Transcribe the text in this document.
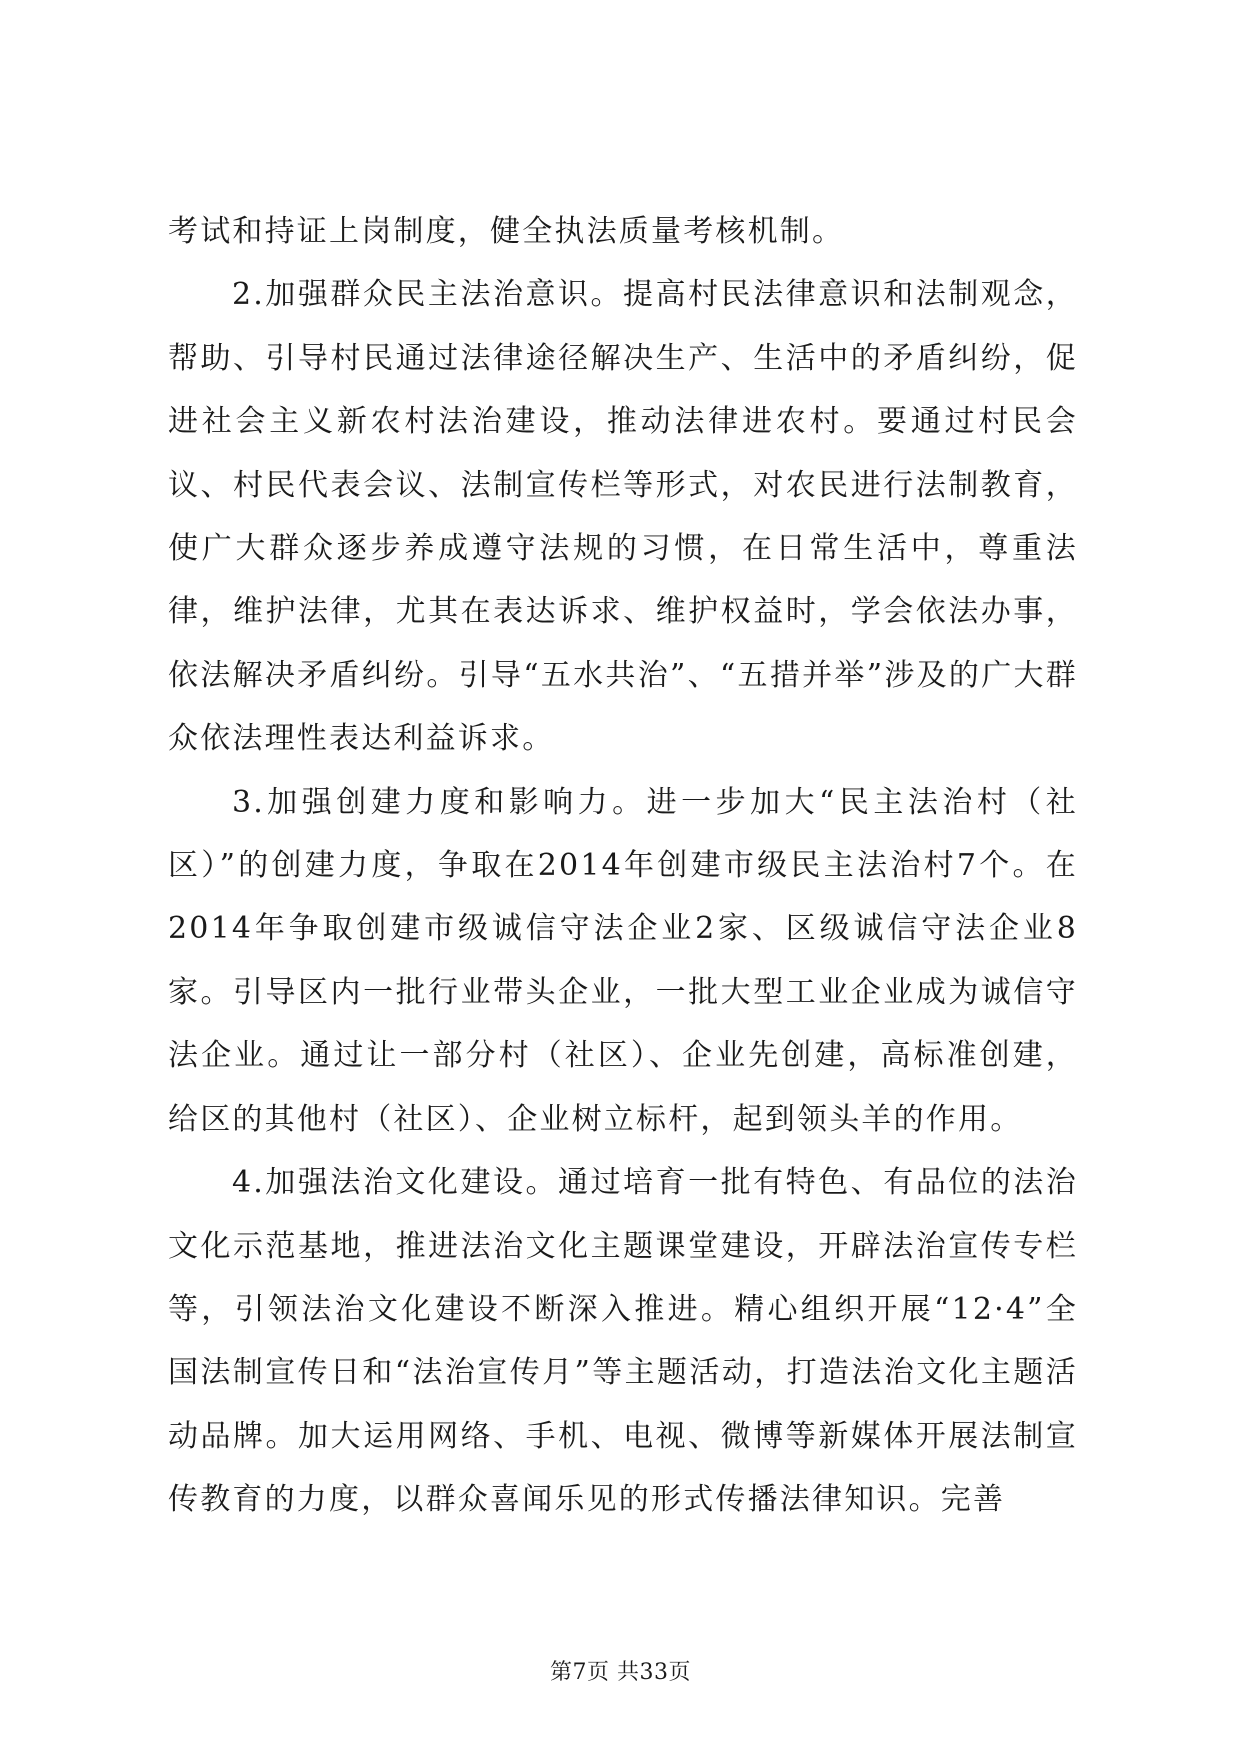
考试和持证上岗制度，健全执法质量考核机制。

2.加强群众民主法治意识。提高村民法律意识和法制观念，帮助、引导村民通过法律途径解决生产、生活中的矛盾纠纷，促进社会主义新农村法治建设，推动法律进农村。要通过村民会议、村民代表会议、法制宣传栏等形式，对农民进行法制教育，使广大群众逐步养成遵守法规的习惯，在日常生活中，尊重法律，维护法律，尤其在表达诉求、维护权益时，学会依法办事，依法解决矛盾纠纷。引导“五水共治”、“五措并举”涉及的广大群众依法理性表达利益诉求。

3.加强创建力度和影响力。进一步加大“民主法治村（社区）”的创建力度，争取在2014年创建市级民主法治村7个。在2014年争取创建市级诚信守法企业2家、区级诚信守法企业8家。引导区内一批行业带头企业，一批大型工业企业成为诚信守法企业。通过让一部分村（社区）、企业先创建，高标准创建，给区的其他村（社区）、企业树立标杆，起到领头羊的作用。

4.加强法治文化建设。通过培育一批有特色、有品位的法治文化示范基地，推进法治文化主题课堂建设，开辟法治宣传专栏等，引领法治文化建设不断深入推进。精心组织开展“12·4”全国法制宣传日和“法治宣传月”等主题活动，打造法治文化主题活动品牌。加大运用网络、手机、电视、微博等新媒体开展法制宣传教育的力度，以群众喜闻乐见的形式传播法律知识。完善

第7页 共33页
